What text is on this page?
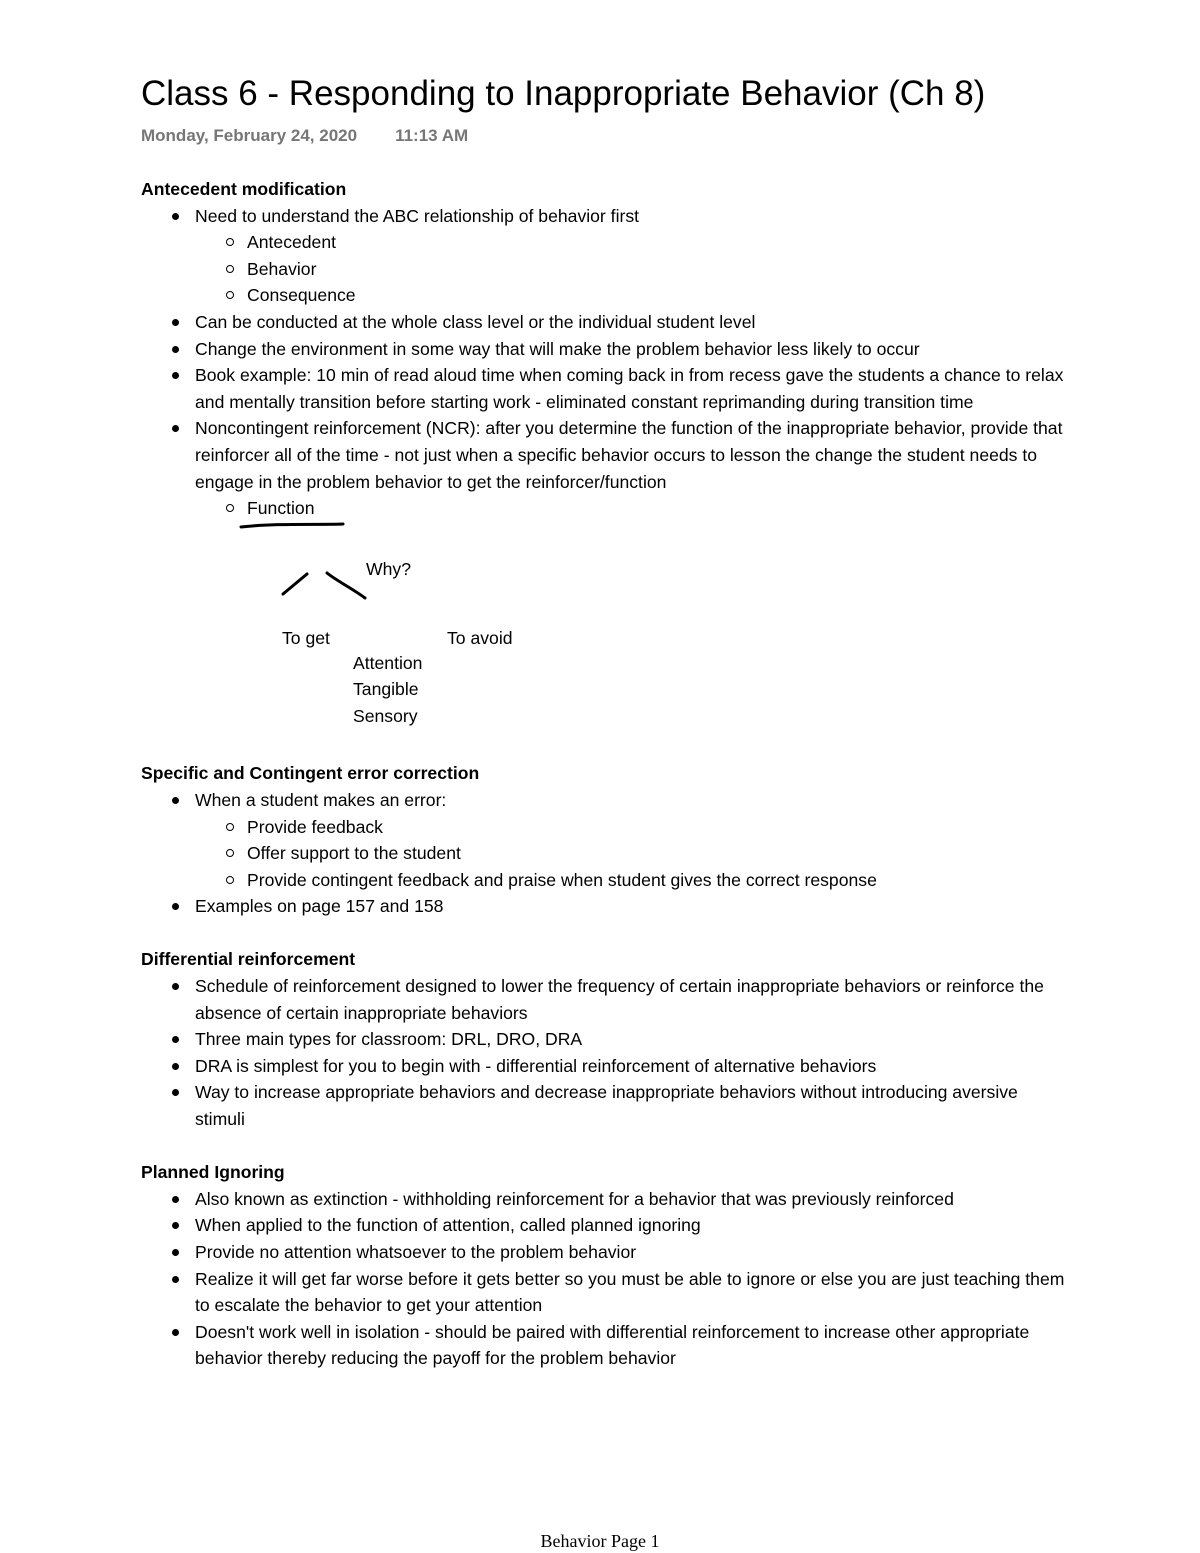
Class 6 - Responding to Inappropriate Behavior (Ch 8)
Monday, February 24, 2020 11:13 AM
Antecedent modification
Need to understand the ABC relationship of behavior first
Antecedent
Behavior
Consequence
Can be conducted at the whole class level or the individual student level
Change the environment in some way that will make the problem behavior less likely to occur
Book example: 10 min of read aloud time when coming back in from recess gave the students a chance to relax and mentally transition before starting work - eliminated constant reprimanding during transition time
Noncontingent reinforcement (NCR): after you determine the function of the inappropriate behavior, provide that reinforcer all of the time - not just when a specific behavior occurs to lesson the change the student needs to engage in the problem behavior to get the reinforcer/function
Function
Why?
To get	To avoid
Attention
Tangible
Sensory
Specific and Contingent error correction
When a student makes an error:
Provide feedback
Offer support to the student
Provide contingent feedback and praise when student gives the correct response
Examples on page 157 and 158
Differential reinforcement
Schedule of reinforcement designed to lower the frequency of certain inappropriate behaviors or reinforce the absence of certain inappropriate behaviors
Three main types for classroom: DRL, DRO, DRA
DRA is simplest for you to begin with - differential reinforcement of alternative behaviors
Way to increase appropriate behaviors and decrease inappropriate behaviors without introducing aversive stimuli
Planned Ignoring
Also known as extinction - withholding reinforcement for a behavior that was previously reinforced
When applied to the function of attention, called planned ignoring
Provide no attention whatsoever to the problem behavior
Realize it will get far worse before it gets better so you must be able to ignore or else you are just teaching them to escalate the behavior to get your attention
Doesn't work well in isolation - should be paired with differential reinforcement to increase other appropriate behavior thereby reducing the payoff for the problem behavior
Behavior Page 1
